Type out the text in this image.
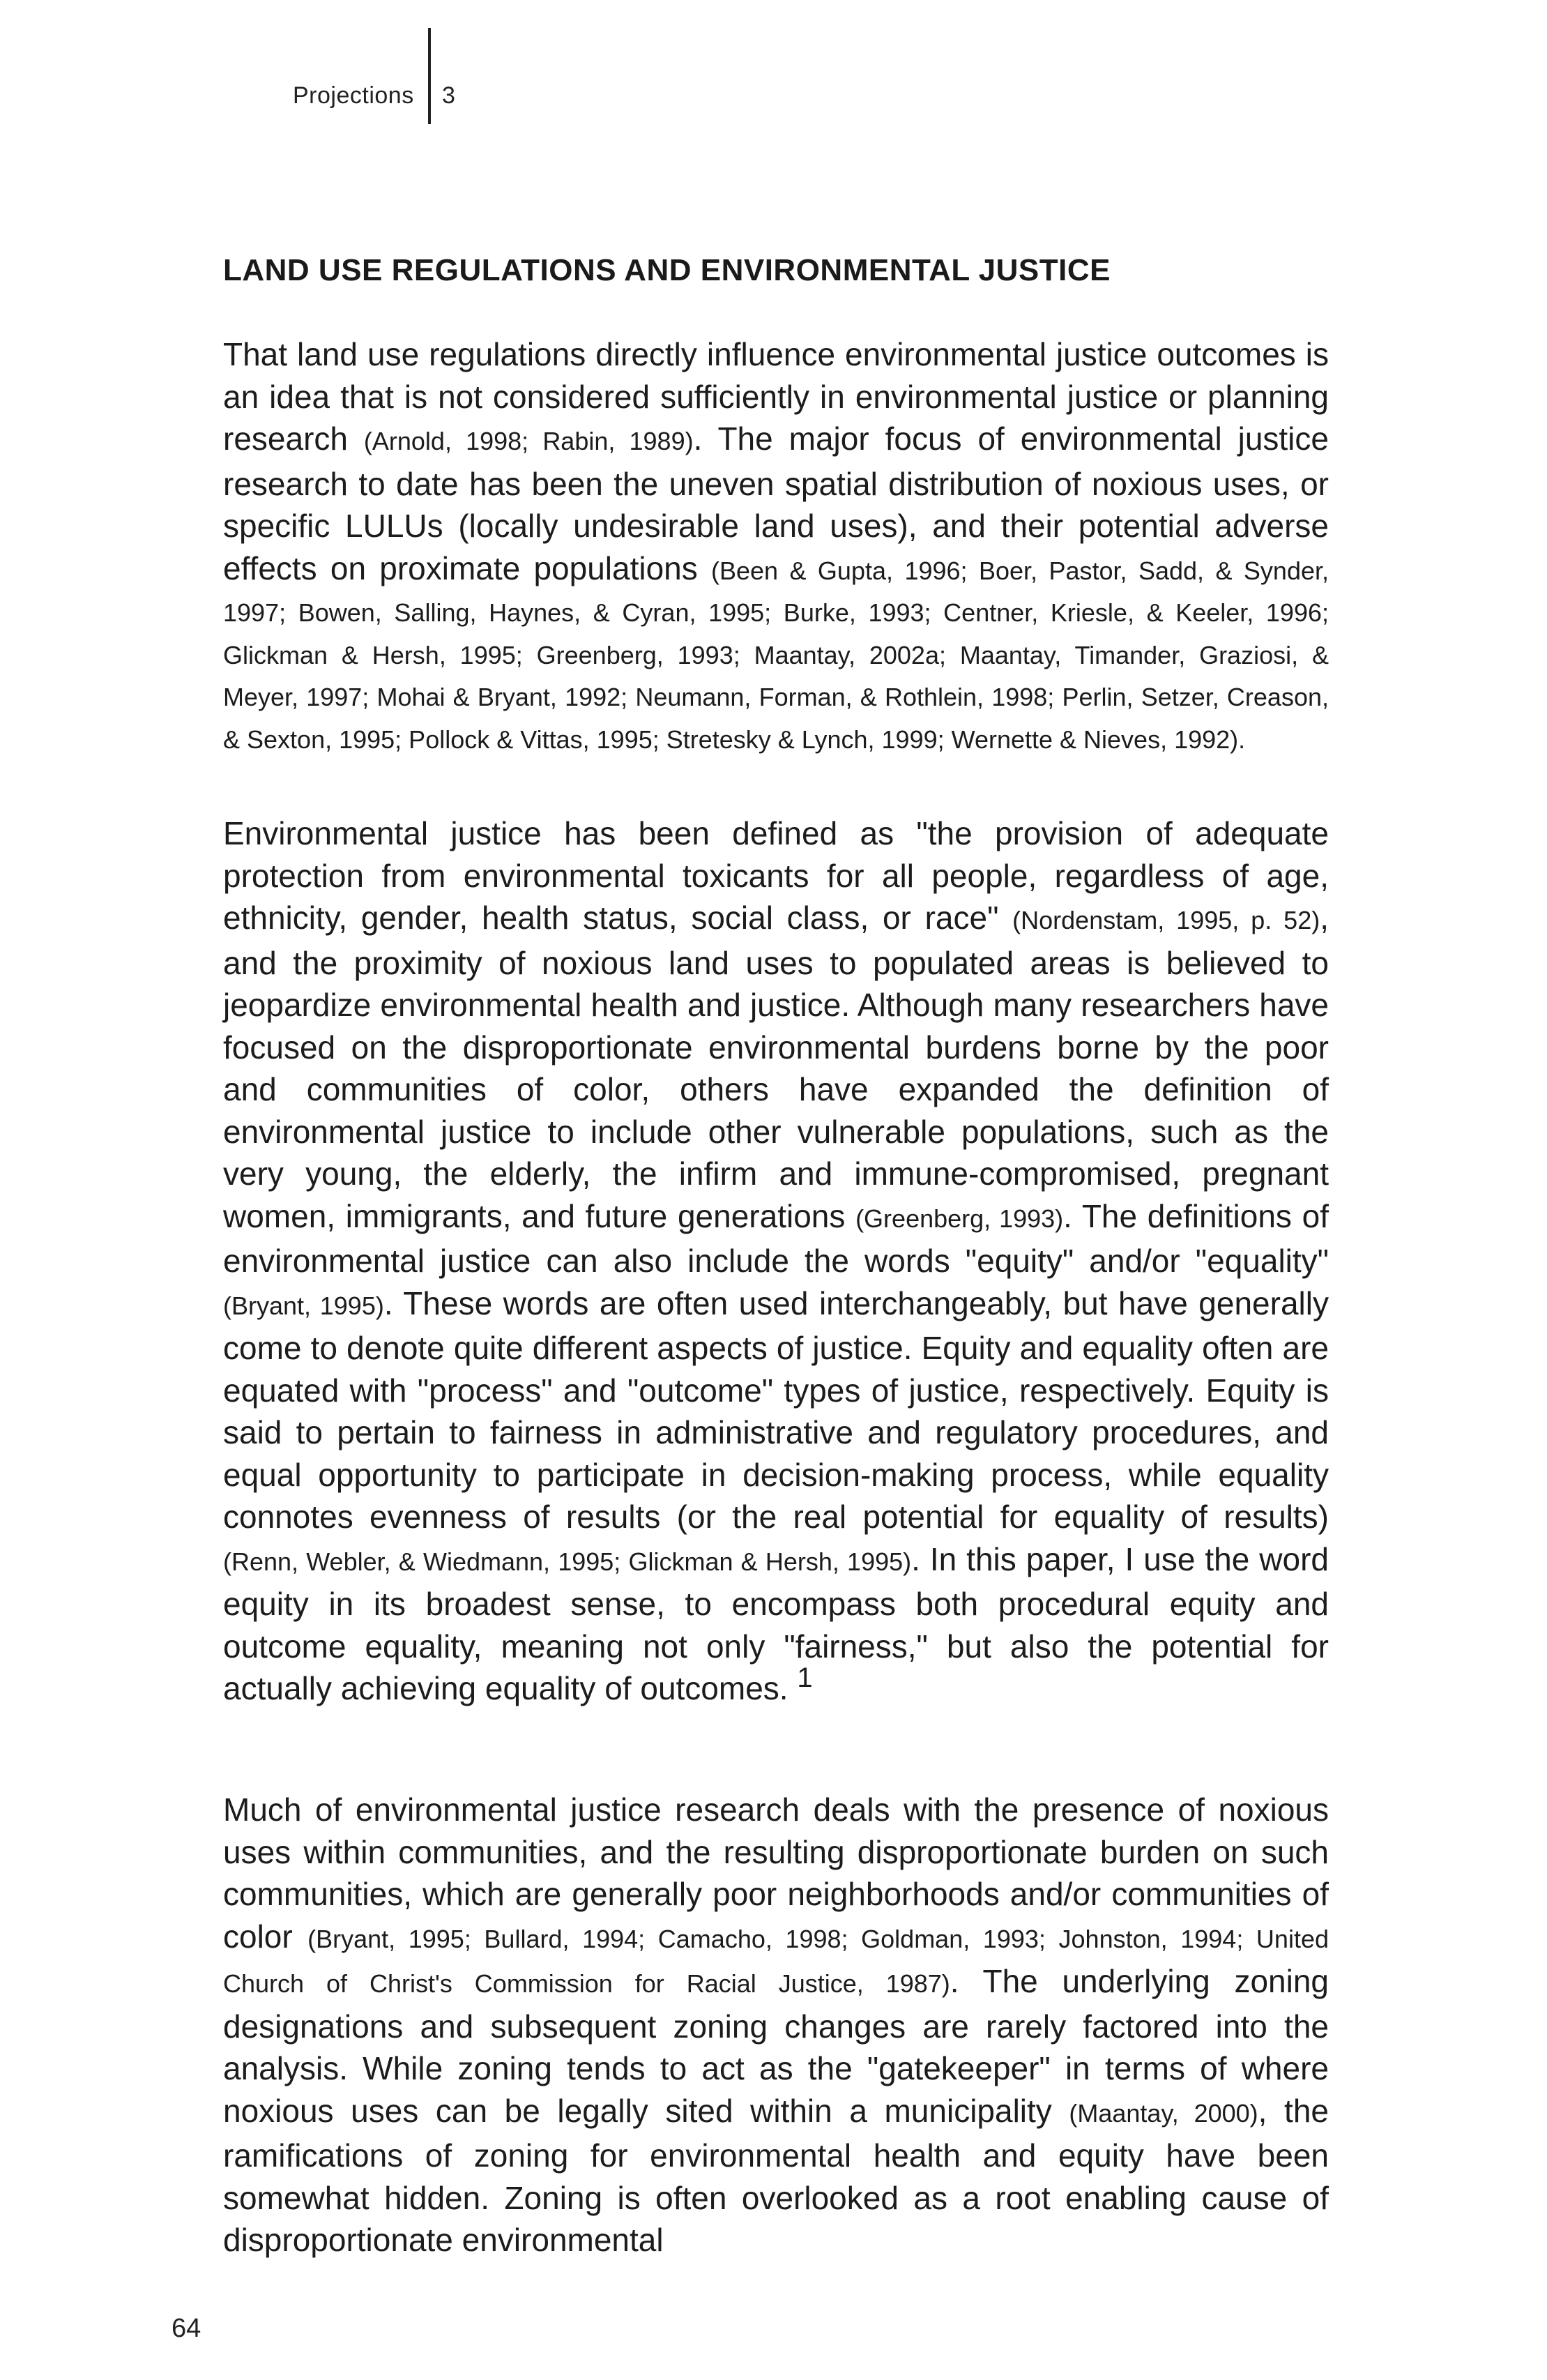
Projections 3
LAND USE REGULATIONS AND ENVIRONMENTAL JUSTICE
That land use regulations directly influence environmental justice outcomes is an idea that is not considered sufficiently in environmental justice or planning research (Arnold, 1998; Rabin, 1989). The major focus of environmental justice research to date has been the uneven spatial distribution of noxious uses, or specific LULUs (locally undesirable land uses), and their potential adverse effects on proximate populations (Been & Gupta, 1996; Boer, Pastor, Sadd, & Synder, 1997; Bowen, Salling, Haynes, & Cyran, 1995; Burke, 1993; Centner, Kriesle, & Keeler, 1996; Glickman & Hersh, 1995; Greenberg, 1993; Maantay, 2002a; Maantay, Timander, Graziosi, & Meyer, 1997; Mohai & Bryant, 1992; Neumann, Forman, & Rothlein, 1998; Perlin, Setzer, Creason, & Sexton, 1995; Pollock & Vittas, 1995; Stretesky & Lynch, 1999; Wernette & Nieves, 1992).
Environmental justice has been defined as "the provision of adequate protection from environmental toxicants for all people, regardless of age, ethnicity, gender, health status, social class, or race" (Nordenstam, 1995, p. 52), and the proximity of noxious land uses to populated areas is believed to jeopardize environmental health and justice. Although many researchers have focused on the disproportionate environmental burdens borne by the poor and communities of color, others have expanded the definition of environmental justice to include other vulnerable populations, such as the very young, the elderly, the infirm and immune-compromised, pregnant women, immigrants, and future generations (Greenberg, 1993). The definitions of environmental justice can also include the words "equity" and/or "equality" (Bryant, 1995). These words are often used interchangeably, but have generally come to denote quite different aspects of justice. Equity and equality often are equated with "process" and "outcome" types of justice, respectively. Equity is said to pertain to fairness in administrative and regulatory procedures, and equal opportunity to participate in decision-making process, while equality connotes evenness of results (or the real potential for equality of results) (Renn, Webler, & Wiedmann, 1995; Glickman & Hersh, 1995). In this paper, I use the word equity in its broadest sense, to encompass both procedural equity and outcome equality, meaning not only "fairness," but also the potential for actually achieving equality of outcomes. 1
Much of environmental justice research deals with the presence of noxious uses within communities, and the resulting disproportionate burden on such communities, which are generally poor neighborhoods and/or communities of color (Bryant, 1995; Bullard, 1994; Camacho, 1998; Goldman, 1993; Johnston, 1994; United Church of Christ's Commission for Racial Justice, 1987). The underlying zoning designations and subsequent zoning changes are rarely factored into the analysis. While zoning tends to act as the "gatekeeper" in terms of where noxious uses can be legally sited within a municipality (Maantay, 2000), the ramifications of zoning for environmental health and equity have been somewhat hidden. Zoning is often overlooked as a root enabling cause of disproportionate environmental
64
